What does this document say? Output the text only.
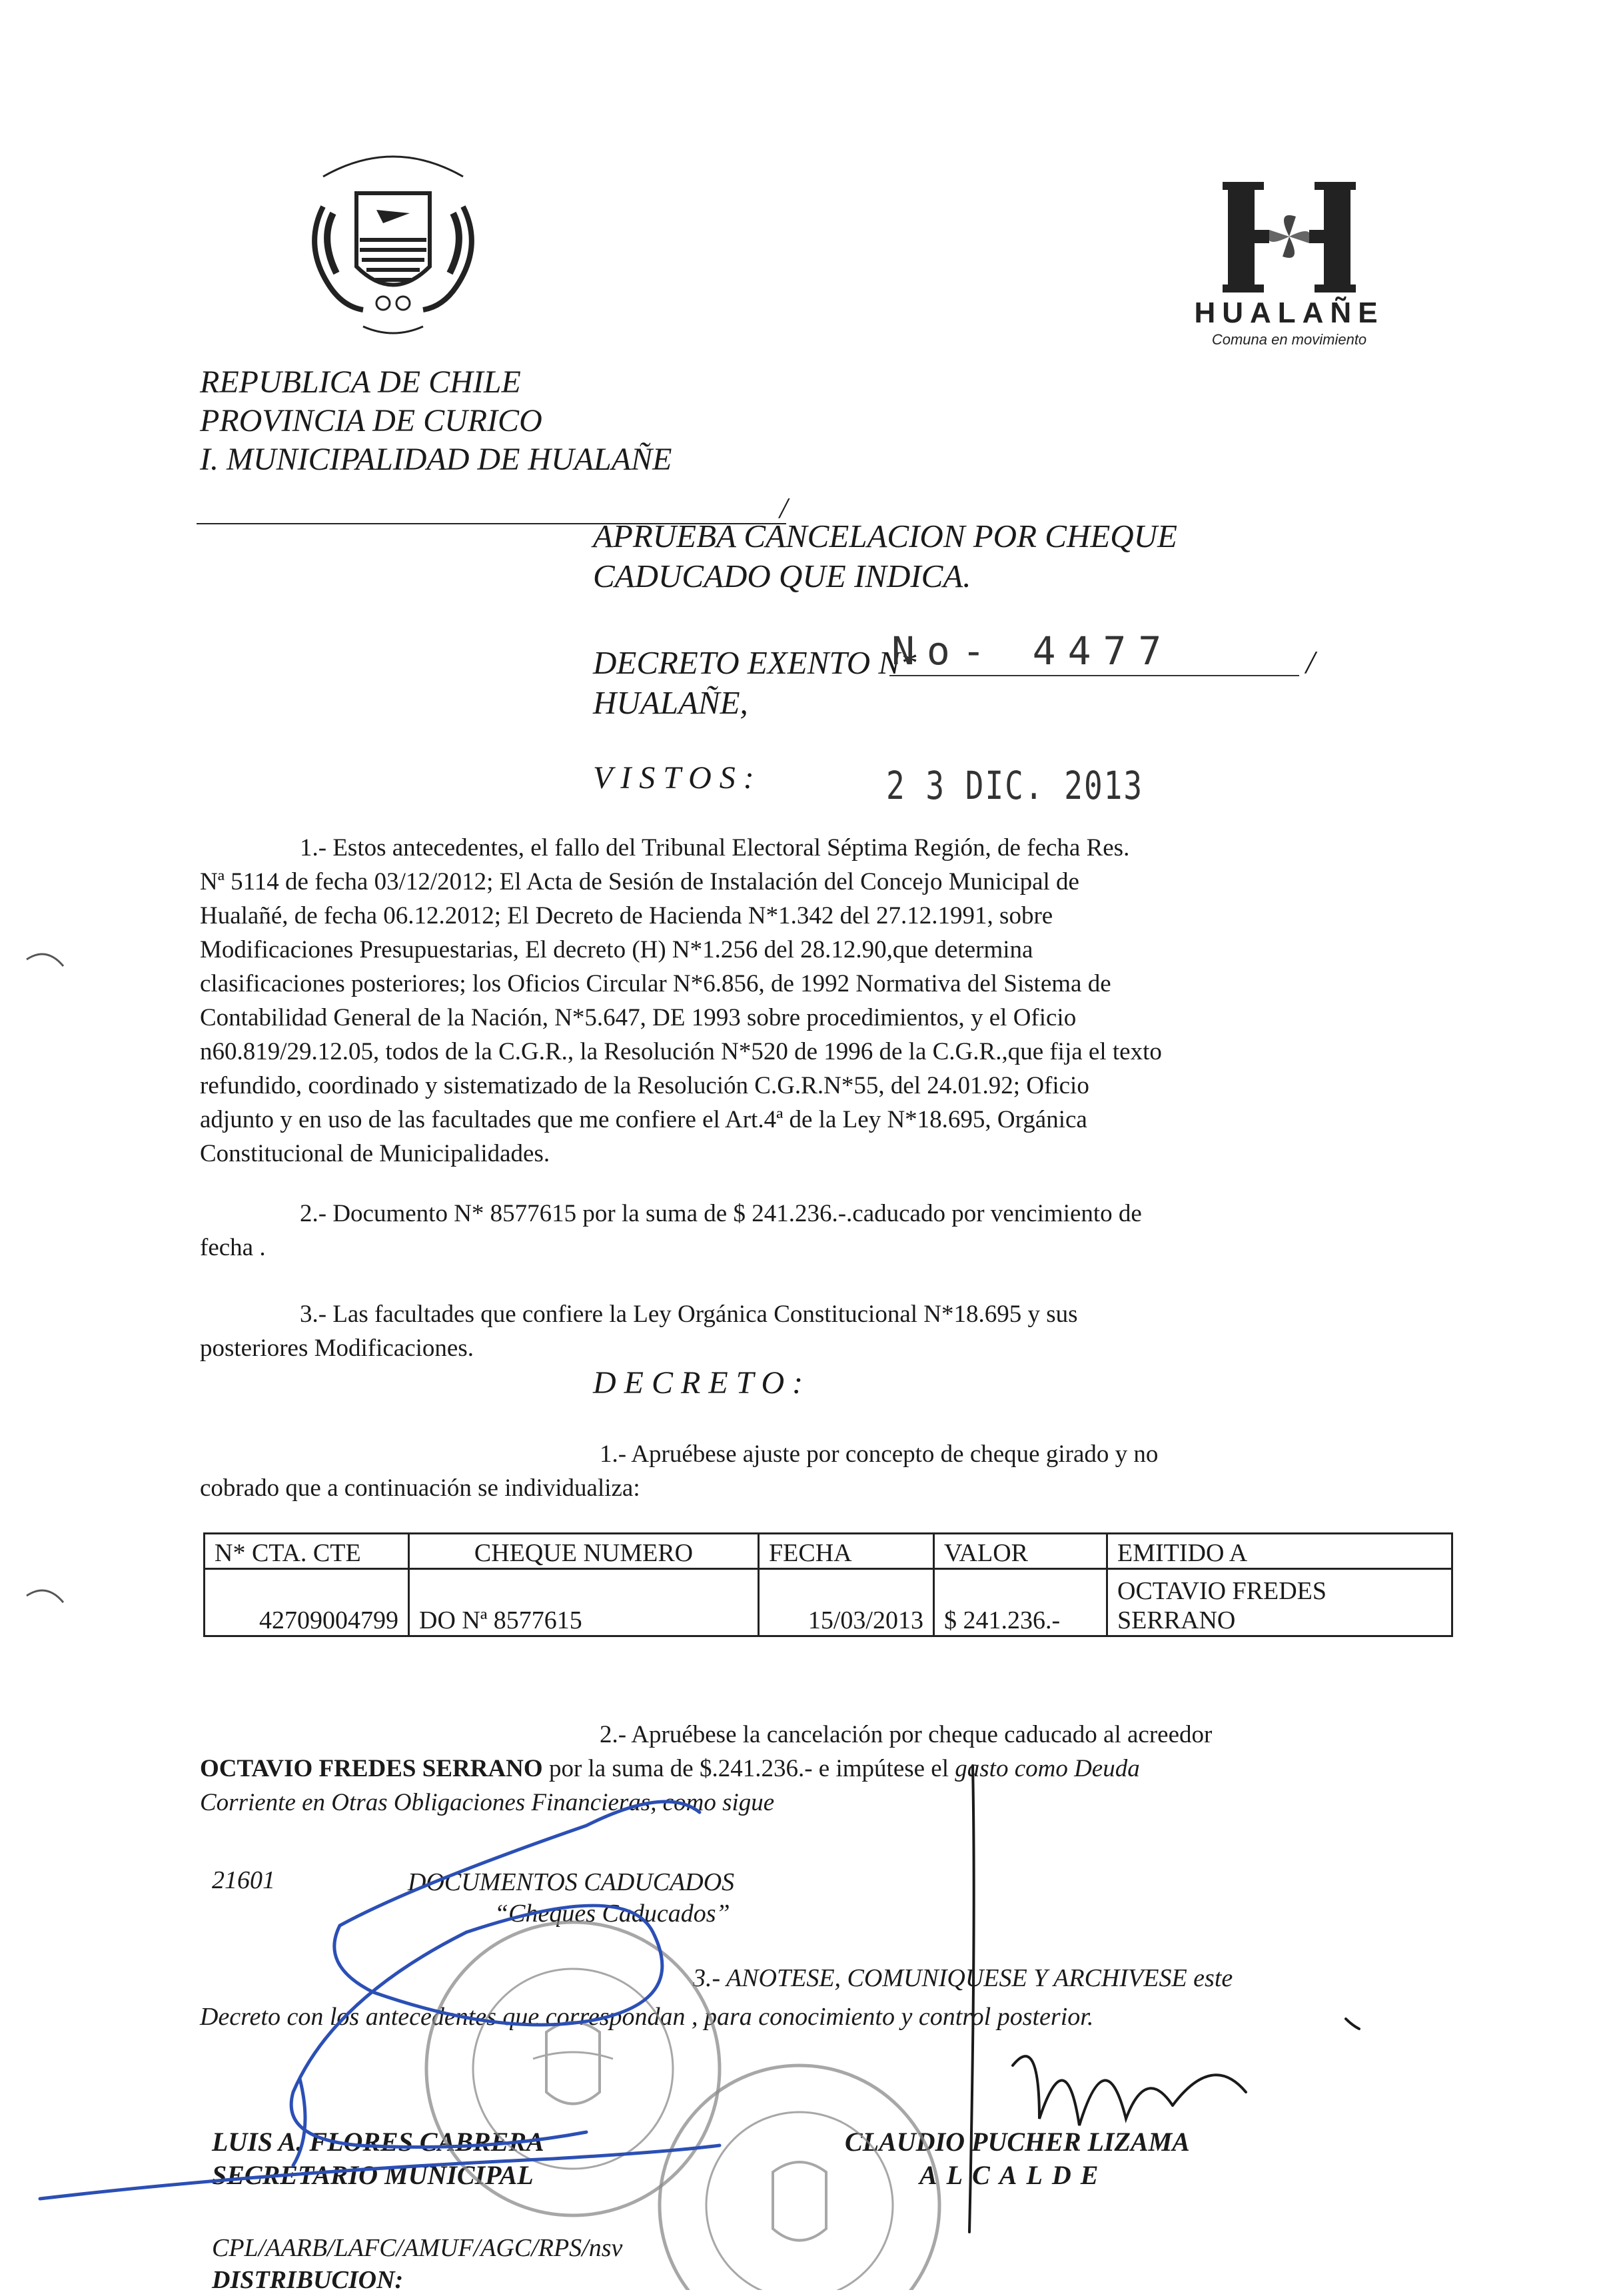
HUALAÑE
Comuna en movimiento
REPUBLICA DE CHILE
PROVINCIA DE CURICO
I. MUNICIPALIDAD DE HUALAÑE
/
APRUEBA CANCELACION POR CHEQUE
CADUCADO QUE INDICA.
DECRETO EXENTO N*
No- 4477	/
HUALAÑE,
VISTOS:	2 3 DIC. 2013
1.- Estos antecedentes, el fallo del Tribunal Electoral Séptima Región, de fecha Res.
Nª 5114 de fecha 03/12/2012; El Acta de Sesión de Instalación del Concejo Municipal de
Hualañé, de fecha 06.12.2012; El Decreto de Hacienda N*1.342 del 27.12.1991, sobre
Modificaciones Presupuestarias, El decreto (H) N*1.256 del 28.12.90,que determina
clasificaciones posteriores; los Oficios Circular N*6.856, de 1992 Normativa del Sistema de
Contabilidad General de la Nación, N*5.647, DE 1993 sobre procedimientos, y el Oficio
n60.819/29.12.05, todos de la C.G.R., la Resolución N*520 de 1996 de la C.G.R.,que fija el texto
refundido, coordinado y sistematizado de la Resolución C.G.R.N*55, del 24.01.92; Oficio
adjunto y en uso de las facultades que me confiere el Art.4ª de la Ley N*18.695, Orgánica
Constitucional de Municipalidades.
2.- Documento N* 8577615 por la suma de $ 241.236.-.caducado por vencimiento de
fecha .
3.- Las facultades que confiere la Ley Orgánica Constitucional N*18.695 y sus
posteriores Modificaciones.
DECRETO:
1.- Apruébese ajuste por concepto de cheque girado y no
cobrado que a continuación se individualiza:
N* CTA. CTE	CHEQUE NUMERO	FECHA	VALOR	EMITIDO A
42709004799	DO Nª 8577615	15/03/2013	$ 241.236.-	OCTAVIO FREDES
SERRANO
2.- Apruébese la cancelación por cheque caducado al acreedor
OCTAVIO FREDES SERRANO por la suma de $.241.236.- e impútese el gasto como Deuda
Corriente en Otras Obligaciones Financieras, como sigue
21601	DOCUMENTOS CADUCADOS
“Cheques Caducados”
3.- ANOTESE, COMUNIQUESE Y ARCHIVESE este
Decreto con los antecedentes que correspondan , para conocimiento y control posterior.
LUIS A. FLORES CABRERA
SECRETARIO MUNICIPAL
CLAUDIO PUCHER LIZAMA
ALCALDE
CPL/AARB/LAFC/AMUF/AGC/RPS/nsv
DISTRIBUCION:
